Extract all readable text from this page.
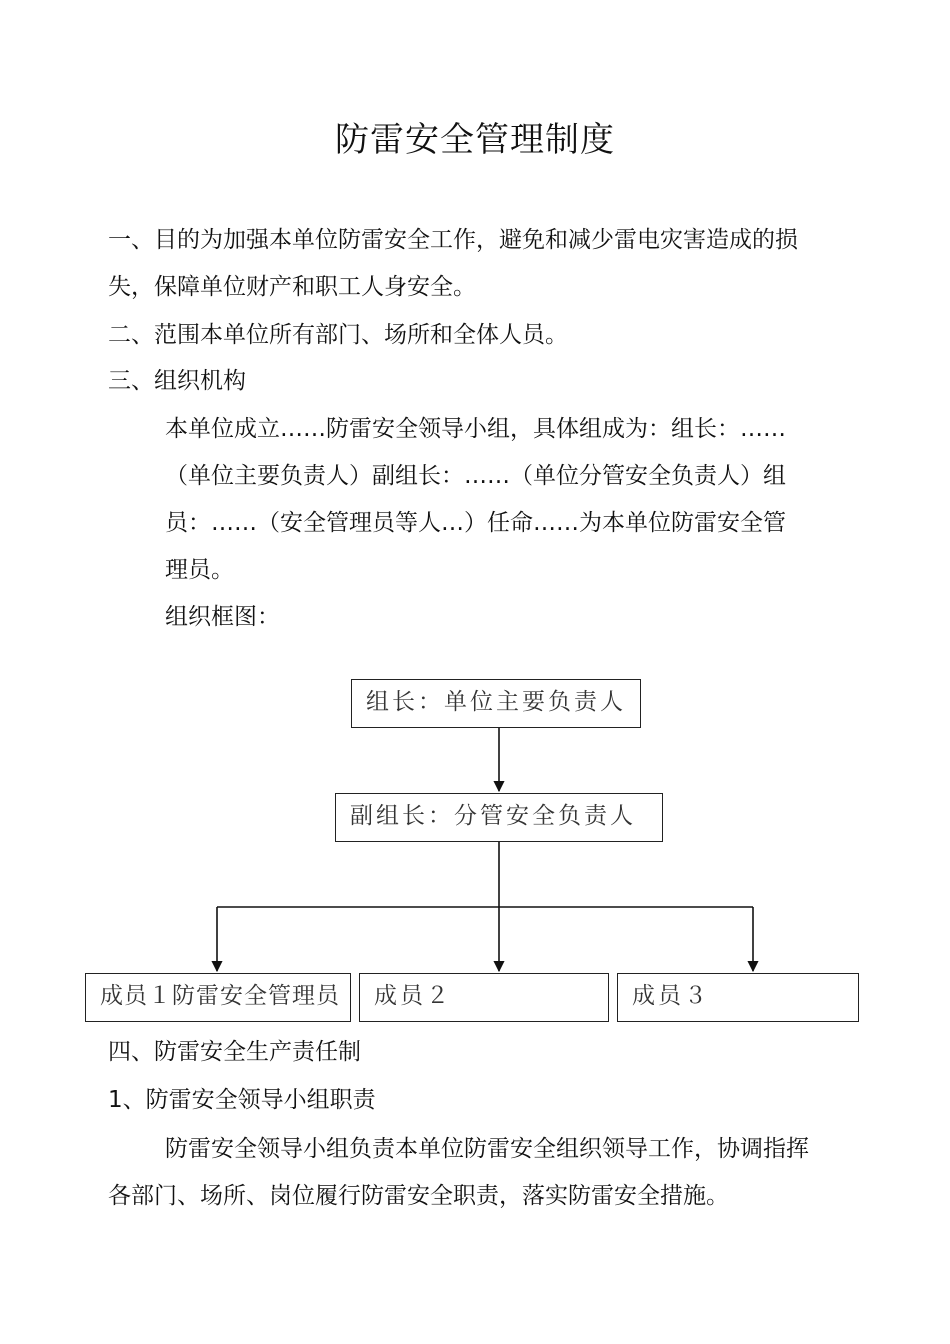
防雷安全管理制度
一、目的为加强本单位防雷安全工作，避免和减少雷电灾害造成的损
失，保障单位财产和职工人身安全。
二、范围本单位所有部门、场所和全体人员。
三、组织机构
本单位成立……防雷安全领导小组，具体组成为：组长：……
（单位主要负责人）副组长：……（单位分管安全负责人）组
员：……（安全管理员等人…）任命……为本单位防雷安全管
理员。
组织框图：
组长：单位主要负责人
副组长：分管安全负责人
成员１防雷安全管理员 成员２	成员３
四、防雷安全生产责任制
1、防雷安全领导小组职责
防雷安全领导小组负责本单位防雷安全组织领导工作，协调指挥
各部门、场所、岗位履行防雷安全职责，落实防雷安全措施。
